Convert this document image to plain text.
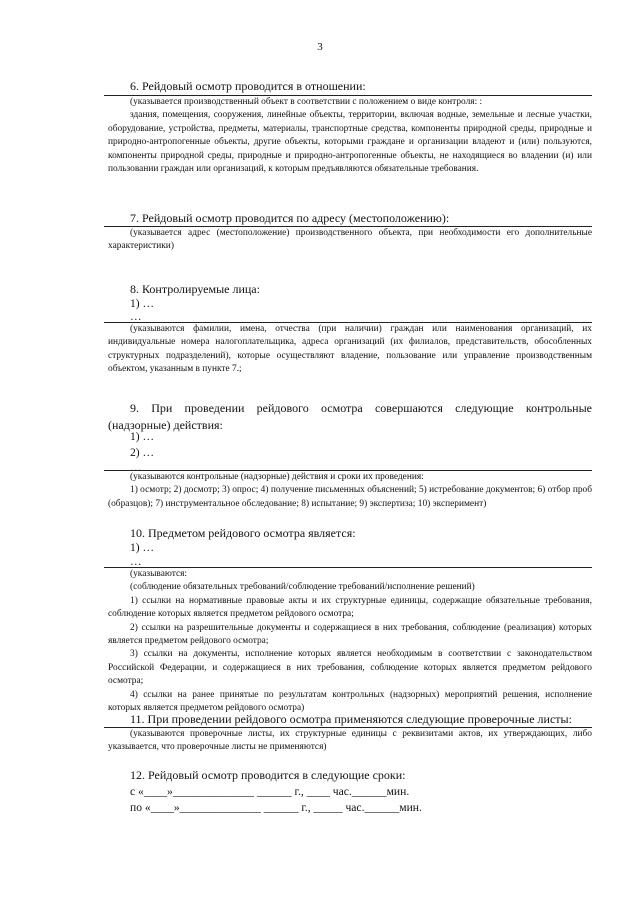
3
6. Рейдовый осмотр проводится в отношении:

(указывается производственный объект в соответствии с положением о виде контроля: :

здания, помещения, сооружения, линейные объекты, территории, включая водные, земельные и лесные участки, оборудование, устройства, предметы, материалы, транспортные средства, компоненты природной среды, природные и природно-антропогенные объекты, другие объекты, которыми граждане и организации владеют и (или) пользуются, компоненты природной среды, природные и природно-антропогенные объекты, не находящиеся во владении (и) или пользовании граждан или организаций, к которым предъявляются обязательные требования.

7. Рейдовый осмотр проводится по адресу (местоположению):

(указывается адрес (местоположение) производственного объекта, при необходимости его дополнительные характеристики)

8. Контролируемые лица:
1) …
…

(указываются фамилии, имена, отчества (при наличии) граждан или наименования организаций, их индивидуальные номера налогоплательщика, адреса организаций (их филиалов, представительств, обособленных структурных подразделений), которые осуществляют владение, пользование или управление производственным объектом, указанным в пункте 7.;

9. При проведении рейдового осмотра совершаются следующие контрольные (надзорные) действия:
1) …
2) …
…

(указываются контрольные (надзорные) действия и сроки их проведения:

1) осмотр; 2) досмотр; 3) опрос; 4) получение письменных объяснений; 5) истребование документов; 6) отбор проб (образцов); 7) инструментальное обследование; 8) испытание; 9) экспертиза; 10) эксперимент)

10. Предметом рейдового осмотра является:
1) …
…

(указываются:

(соблюдение обязательных требований/соблюдение требований/исполнение решений)

1) ссылки на нормативные правовые акты и их структурные единицы, содержащие обязательные требования, соблюдение которых является предметом рейдового осмотра;

2) ссылки на разрешительные документы и содержащиеся в них требования, соблюдение (реализация) которых является предметом рейдового осмотра;

3) ссылки на документы, исполнение которых является необходимым в соответствии с законодательством Российской Федерации, и содержащиеся в них требования, соблюдение которых является предметом рейдового осмотра;

4) ссылки на ранее принятые по результатам контрольных (надзорных) мероприятий решения, исполнение которых является предметом рейдового осмотра)

11. При проведении рейдового осмотра применяются следующие проверочные листы:

(указываются проверочные листы, их структурные единицы с реквизитами актов, их утверждающих, либо указывается, что проверочные листы не применяются)

12. Рейдовый осмотр проводится в следующие сроки:
с «____»______________ ______ г., ____ час.______мин.
по «____»______________ ______ г., _____ час.______мин.
